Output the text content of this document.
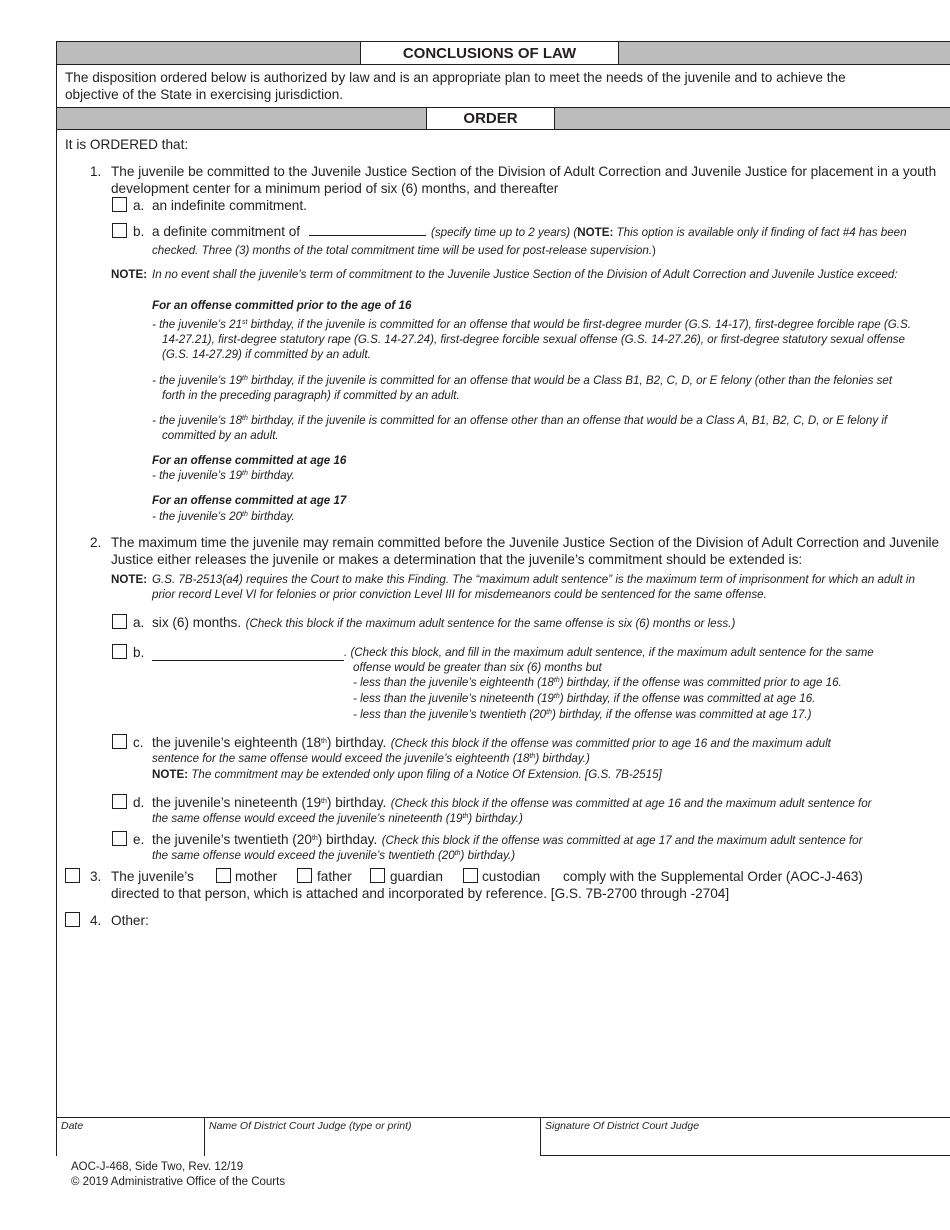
CONCLUSIONS OF LAW
The disposition ordered below is authorized by law and is an appropriate plan to meet the needs of the juvenile and to achieve the objective of the State in exercising jurisdiction.
ORDER
It is ORDERED that:
1. The juvenile be committed to the Juvenile Justice Section of the Division of Adult Correction and Juvenile Justice for placement in a youth development center for a minimum period of six (6) months, and thereafter
a. an indefinite commitment.
b. a definite commitment of	. (specify time up to 2 years) (NOTE: This option is available only if finding of fact #4 has been checked. Three (3) months of the total commitment time will be used for post-release supervision.)
NOTE: In no event shall the juvenile’s term of commitment to the Juvenile Justice Section of the Division of Adult Correction and Juvenile Justice exceed:
For an offense committed prior to the age of 16
- the juvenile’s 21st birthday, if the juvenile is committed for an offense that would be first-degree murder (G.S. 14-17), first-degree forcible rape (G.S. 14-27.21), first-degree statutory rape (G.S. 14-27.24), first-degree forcible sexual offense (G.S. 14-27.26), or first-degree statutory sexual offense (G.S. 14-27.29) if committed by an adult.
- the juvenile’s 19th birthday, if the juvenile is committed for an offense that would be a Class B1, B2, C, D, or E felony (other than the felonies set forth in the preceding paragraph) if committed by an adult.
- the juvenile’s 18th birthday, if the juvenile is committed for an offense other than an offense that would be a Class A, B1, B2, C, D, or E felony if committed by an adult.
For an offense committed at age 16
- the juvenile’s 19th birthday.
For an offense committed at age 17
- the juvenile’s 20th birthday.
2. The maximum time the juvenile may remain committed before the Juvenile Justice Section of the Division of Adult Correction and Juvenile Justice either releases the juvenile or makes a determination that the juvenile’s commitment should be extended is:
NOTE: G.S. 7B-2513(a4) requires the Court to make this Finding. The “maximum adult sentence” is the maximum term of imprisonment for which an adult in prior record Level VI for felonies or prior conviction Level III for misdemeanors could be sentenced for the same offense.
a. six (6) months. (Check this block if the maximum adult sentence for the same offense is six (6) months or less.)
b.	. (Check this block, and fill in the maximum adult sentence, if the maximum adult sentence for the same
offense would be greater than six (6) months but
- less than the juvenile’s eighteenth (18th) birthday, if the offense was committed prior to age 16.
- less than the juvenile’s nineteenth (19th) birthday, if the offense was committed at age 16.
- less than the juvenile’s twentieth (20th) birthday, if the offense was committed at age 17.)
c. the juvenile’s eighteenth (18th) birthday. (Check this block if the offense was committed prior to age 16 and the maximum adult
sentence for the same offense would exceed the juvenile’s eighteenth (18th) birthday.)
NOTE: The commitment may be extended only upon filing of a Notice Of Extension. [G.S. 7B-2515]
d. the juvenile’s nineteenth (19th) birthday. (Check this block if the offense was committed at age 16 and the maximum adult sentence for
the same offense would exceed the juvenile’s nineteenth (19th) birthday.)
e. the juvenile’s twentieth (20th) birthday. (Check this block if the offense was committed at age 17 and the maximum adult sentence for
the same offense would exceed the juvenile’s twentieth (20th) birthday.)
3. The juvenile’s	mother	father	guardian	custodian comply with the Supplemental Order (AOC-J-463)
directed to that person, which is attached and incorporated by reference. [G.S. 7B-2700 through -2704]
4. Other:
Date	Name Of District Court Judge (type or print)	Signature Of District Court Judge
AOC-J-468, Side Two, Rev. 12/19
© 2019 Administrative Office of the Courts
